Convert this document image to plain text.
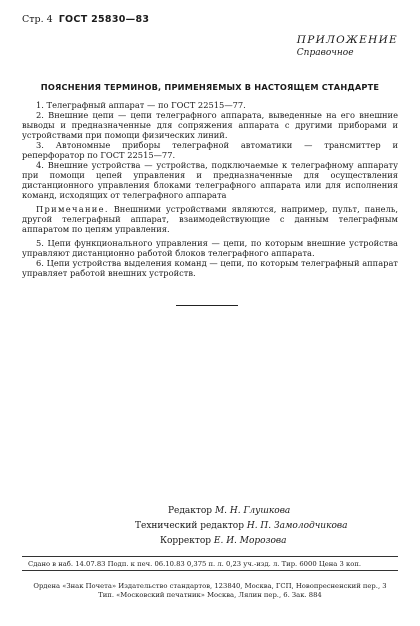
Стр. 4 ГОСТ 25830—83
ПРИЛОЖЕНИЕ
Справочное
ПОЯСНЕНИЯ ТЕРМИНОВ, ПРИМЕНЯЕМЫХ В НАСТОЯЩЕМ СТАНДАРТЕ

1. Телеграфный аппарат — по ГОСТ 22515—77.

2. Внешние цепи — цепи телеграфного аппарата, выведенные на его внешние выводы и предназначенные для сопряжения аппарата с другими приборами и устройствами при помощи физических линий.

3. Автономные приборы телеграфной автоматики — трансмиттер и реперфоратор по ГОСТ 22515—77.

4. Внешние устройства — устройства, подключаемые к телеграфному аппарату при помощи цепей управления и предназначенные для осуществления дистанционного управления блоками телеграфного аппарата или для исполнения команд, исходящих от телеграфного аппарата

Примечание. Внешними устройствами являются, например, пульт, панель, другой телеграфный аппарат, взаимодействующие с данным телеграфным аппаратом по цепям управления.

5. Цепи функционального управления — цепи, по которым внешние устройства управляют дистанционно работой блоков телеграфного аппарата.

6. Цепи устройства выделения команд — цепи, по которым телеграфный аппарат управляет работой внешних устройств.

Редактор М. Н. Глушкова
Технический редактор Н. П. Замолодчикова
Корректор Е. И. Морозова
Сдано в наб. 14.07.83 Подп. к печ. 06.10.83 0,375 п. л. 0,23 уч.-изд. л. Тир. 6000 Цена 3 коп.
Ордена «Знак Почета» Издательство стандартов, 123840, Москва, ГСП, Новопресненский пер., 3
Тип. «Московский печатник» Москва, Лялин пер., 6. Зак. 884
